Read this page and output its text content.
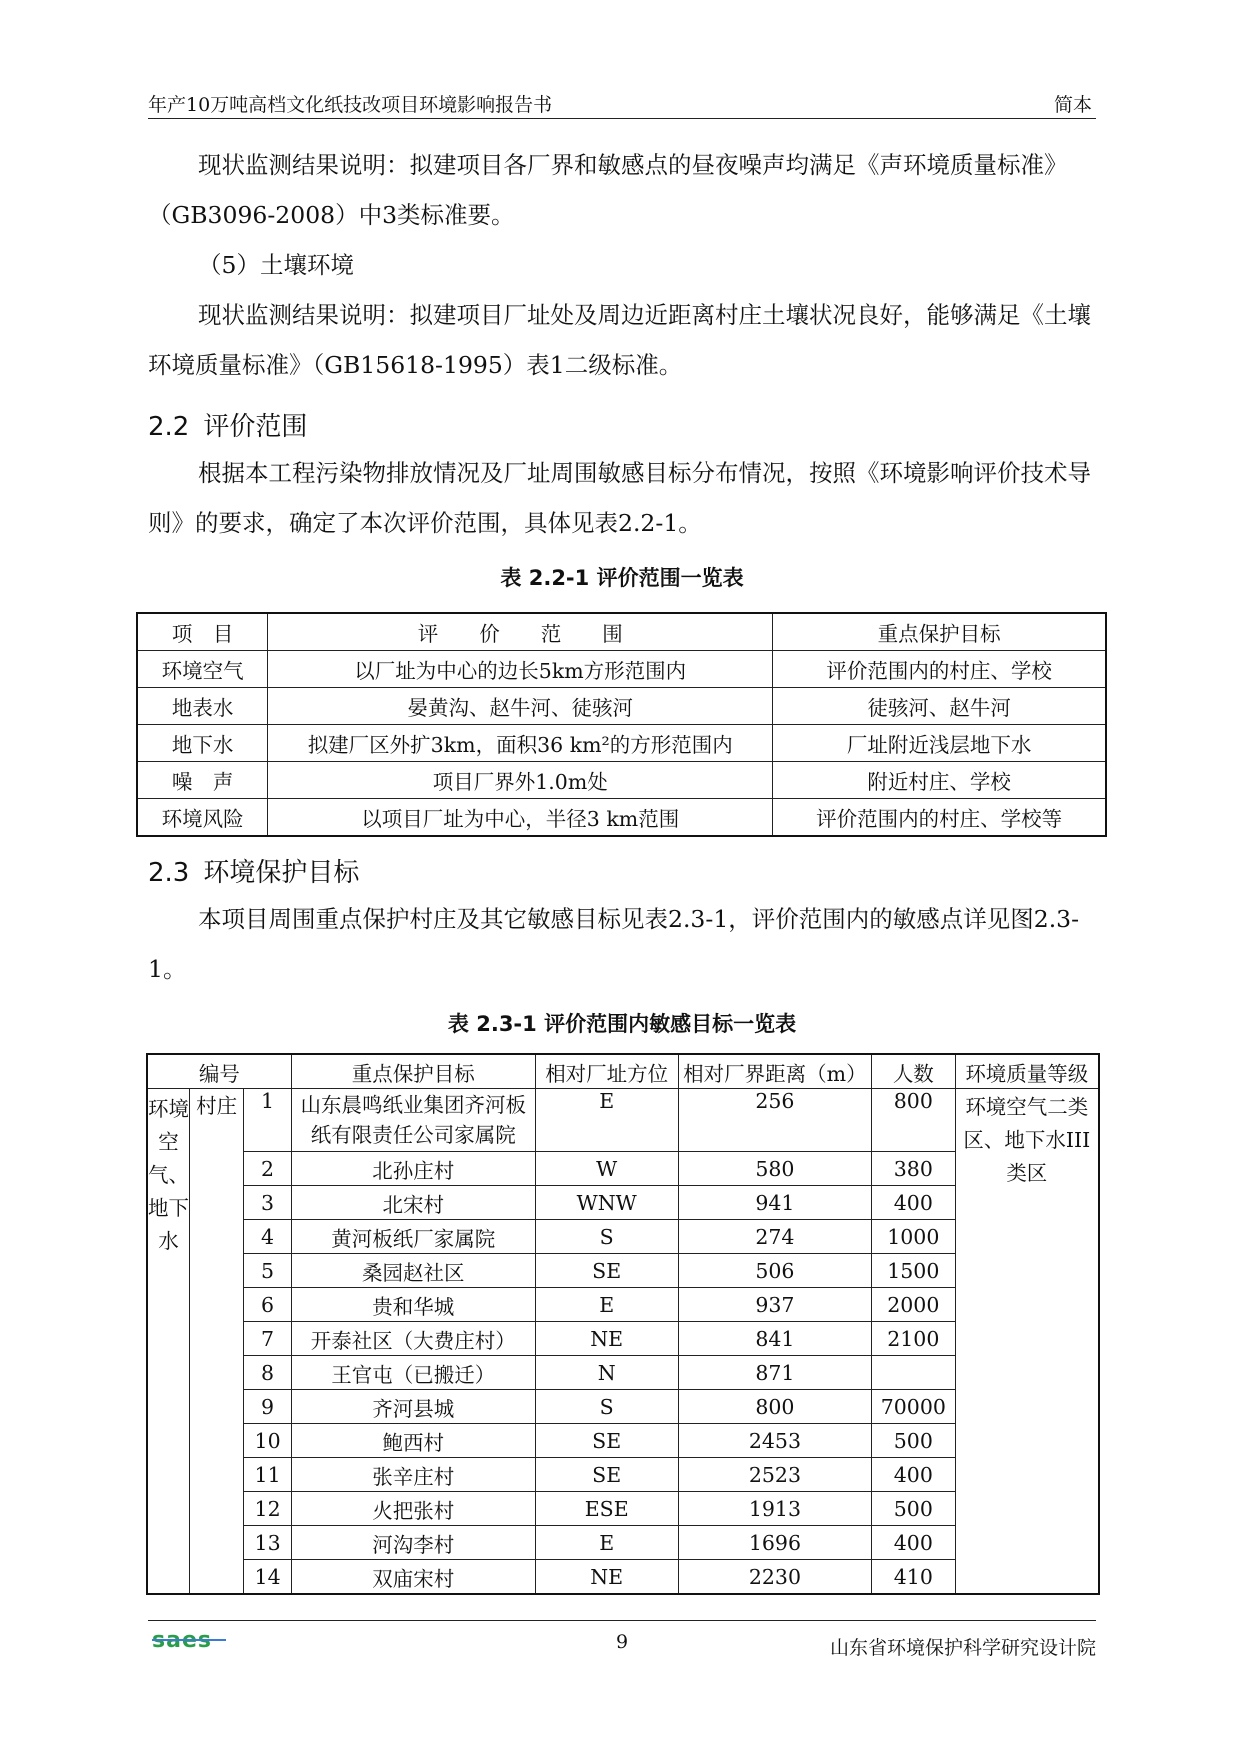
年产10万吨高档文化纸技改项目环境影响报告书	简本

现状监测结果说明：拟建项目各厂界和敏感点的昼夜噪声均满足《声环境质量标准》（GB3096-2008）中3类标准要。

（5）土壤环境

现状监测结果说明：拟建项目厂址处及周边近距离村庄土壤状况良好，能够满足《土壤环境质量标准》（GB15618-1995）表1二级标准。

2.2 评价范围

根据本工程污染物排放情况及厂址周围敏感目标分布情况，按照《环境影响评价技术导则》的要求，确定了本次评价范围，具体见表2.2-1。

表 2.2-1 评价范围一览表
项　目	评　　价　　范　　围	重点保护目标
环境空气	以厂址为中心的边长5km方形范围内	评价范围内的村庄、学校
地表水	晏黄沟、赵牛河、徒骇河	徒骇河、赵牛河
地下水	拟建厂区外扩3km，面积36 km²的方形范围内	厂址附近浅层地下水
噪　声	项目厂界外1.0m处	附近村庄、学校
环境风险	以项目厂址为中心，半径3 km范围	评价范围内的村庄、学校等
2.3 环境保护目标

本项目周围重点保护村庄及其它敏感目标见表2.3-1，评价范围内的敏感点详见图2.3-1。

表 2.3-1 评价范围内敏感目标一览表
编号			重点保护目标	相对厂址方位	相对厂界距离（m）	人数	环境质量等级
环境空气、地下水	村庄	1	山东晨鸣纸业集团齐河板纸有限责任公司家属院	E	256	800	环境空气二类区、地下水III类区
		2	北孙庄村	W	580	380	
		3	北宋村	WNW	941	400	
		4	黄河板纸厂家属院	S	274	1000	
		5	桑园赵社区	SE	506	1500	
		6	贵和华城	E	937	2000	
		7	开泰社区（大费庄村）	NE	841	2100	
		8	王官屯（已搬迁）	N	871		
		9	齐河县城	S	800	70000	
		10	鲍西村	SE	2453	500	
		11	张辛庄村	SE	2523	400	
		12	火把张村	ESE	1913	500	
		13	河沟李村	E	1696	400	
		14	双庙宋村	NE	2230	410	
saes	9	山东省环境保护科学研究设计院
